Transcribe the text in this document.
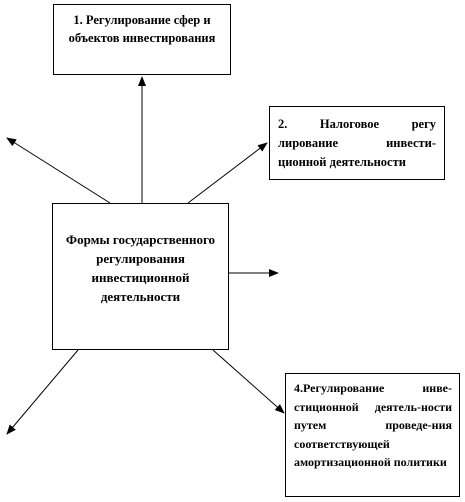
1. Регулирование сфер и объектов инвестирования

2. Налоговое регу лирование инвести-ционной деятельности

Формы государственного регулирования инвестиционной деятельности

4.Регулирование инве-стиционной деятель-ности путем проведе-ния соответствующей амортизационной политики
